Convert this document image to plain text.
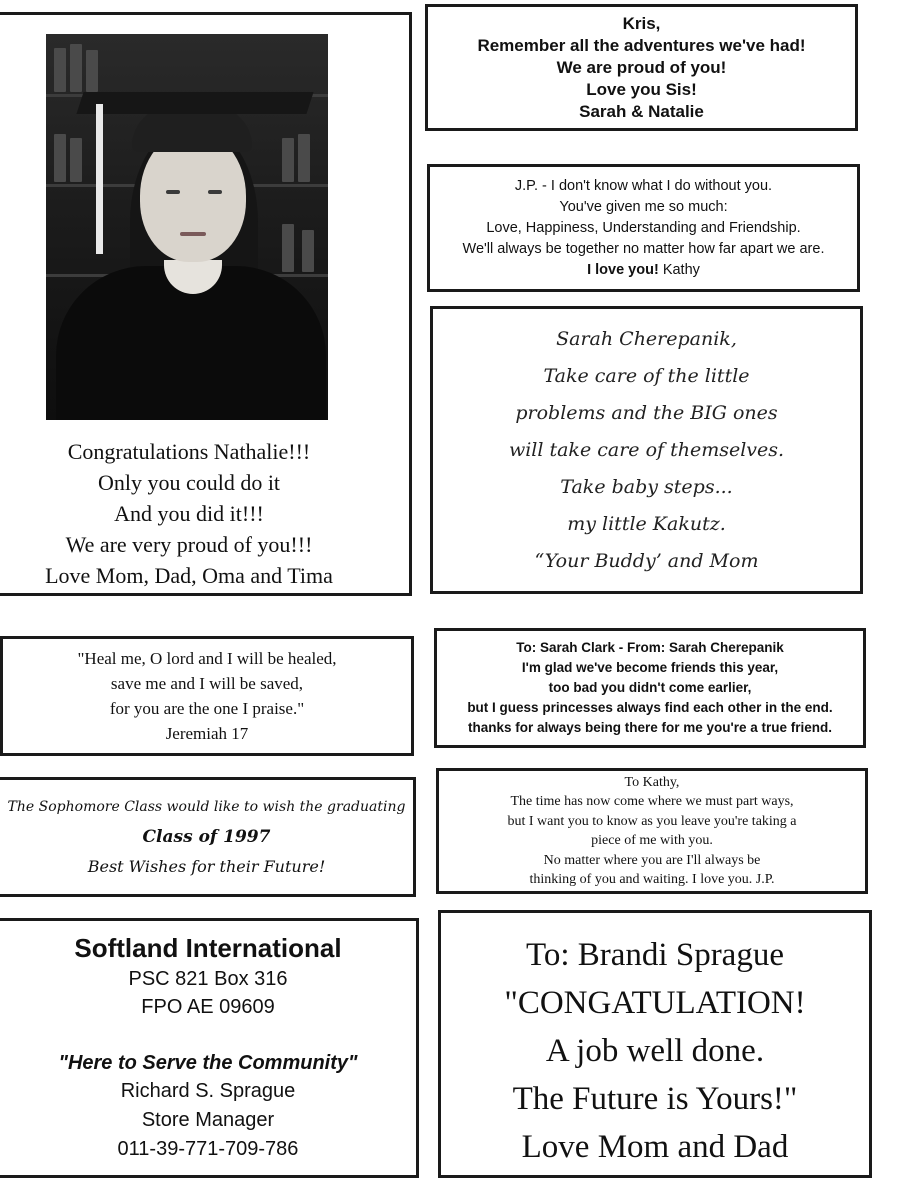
Congratulations Nathalie!!!
Only you could do it
And you did it!!!
We are very proud of you!!!
Love Mom, Dad, Oma and Tima
Kris,
Remember all the adventures we've had!
We are proud of you!
Love you Sis!
Sarah & Natalie
J.P. - I don't know what I do without you.
You've given me so much:
Love, Happiness, Understanding and Friendship.
We'll always be together no matter how far apart we are.
I love you! Kathy
Sarah Cherepanik,
Take care of the little
problems and the BIG ones
will take care of themselves.
Take baby steps...
my little Kakutz.
“Your Buddy’ and Mom
"Heal me, O lord and I will be healed,
save me and I will be saved,
for you are the one I praise."
Jeremiah 17
To: Sarah Clark - From: Sarah Cherepanik
I'm glad we've become friends this year,
too bad you didn't come earlier,
but I guess princesses always find each other in the end.
thanks for always being there for me you're a true friend.
The Sophomore Class would like to wish the graduating
Class of 1997
Best Wishes for their Future!
To Kathy,
The time has now come where we must part ways,
but I want you to know as you leave you're taking a
piece of me with you.
No matter where you are I'll always be
thinking of you and waiting. I love you. J.P.
Softland International
PSC 821 Box 316
FPO AE 09609
"Here to Serve the Community"
Richard S. Sprague
Store Manager
011-39-771-709-786
To: Brandi Sprague
"CONGATULATION!
A job well done.
The Future is Yours!"
Love Mom and Dad
